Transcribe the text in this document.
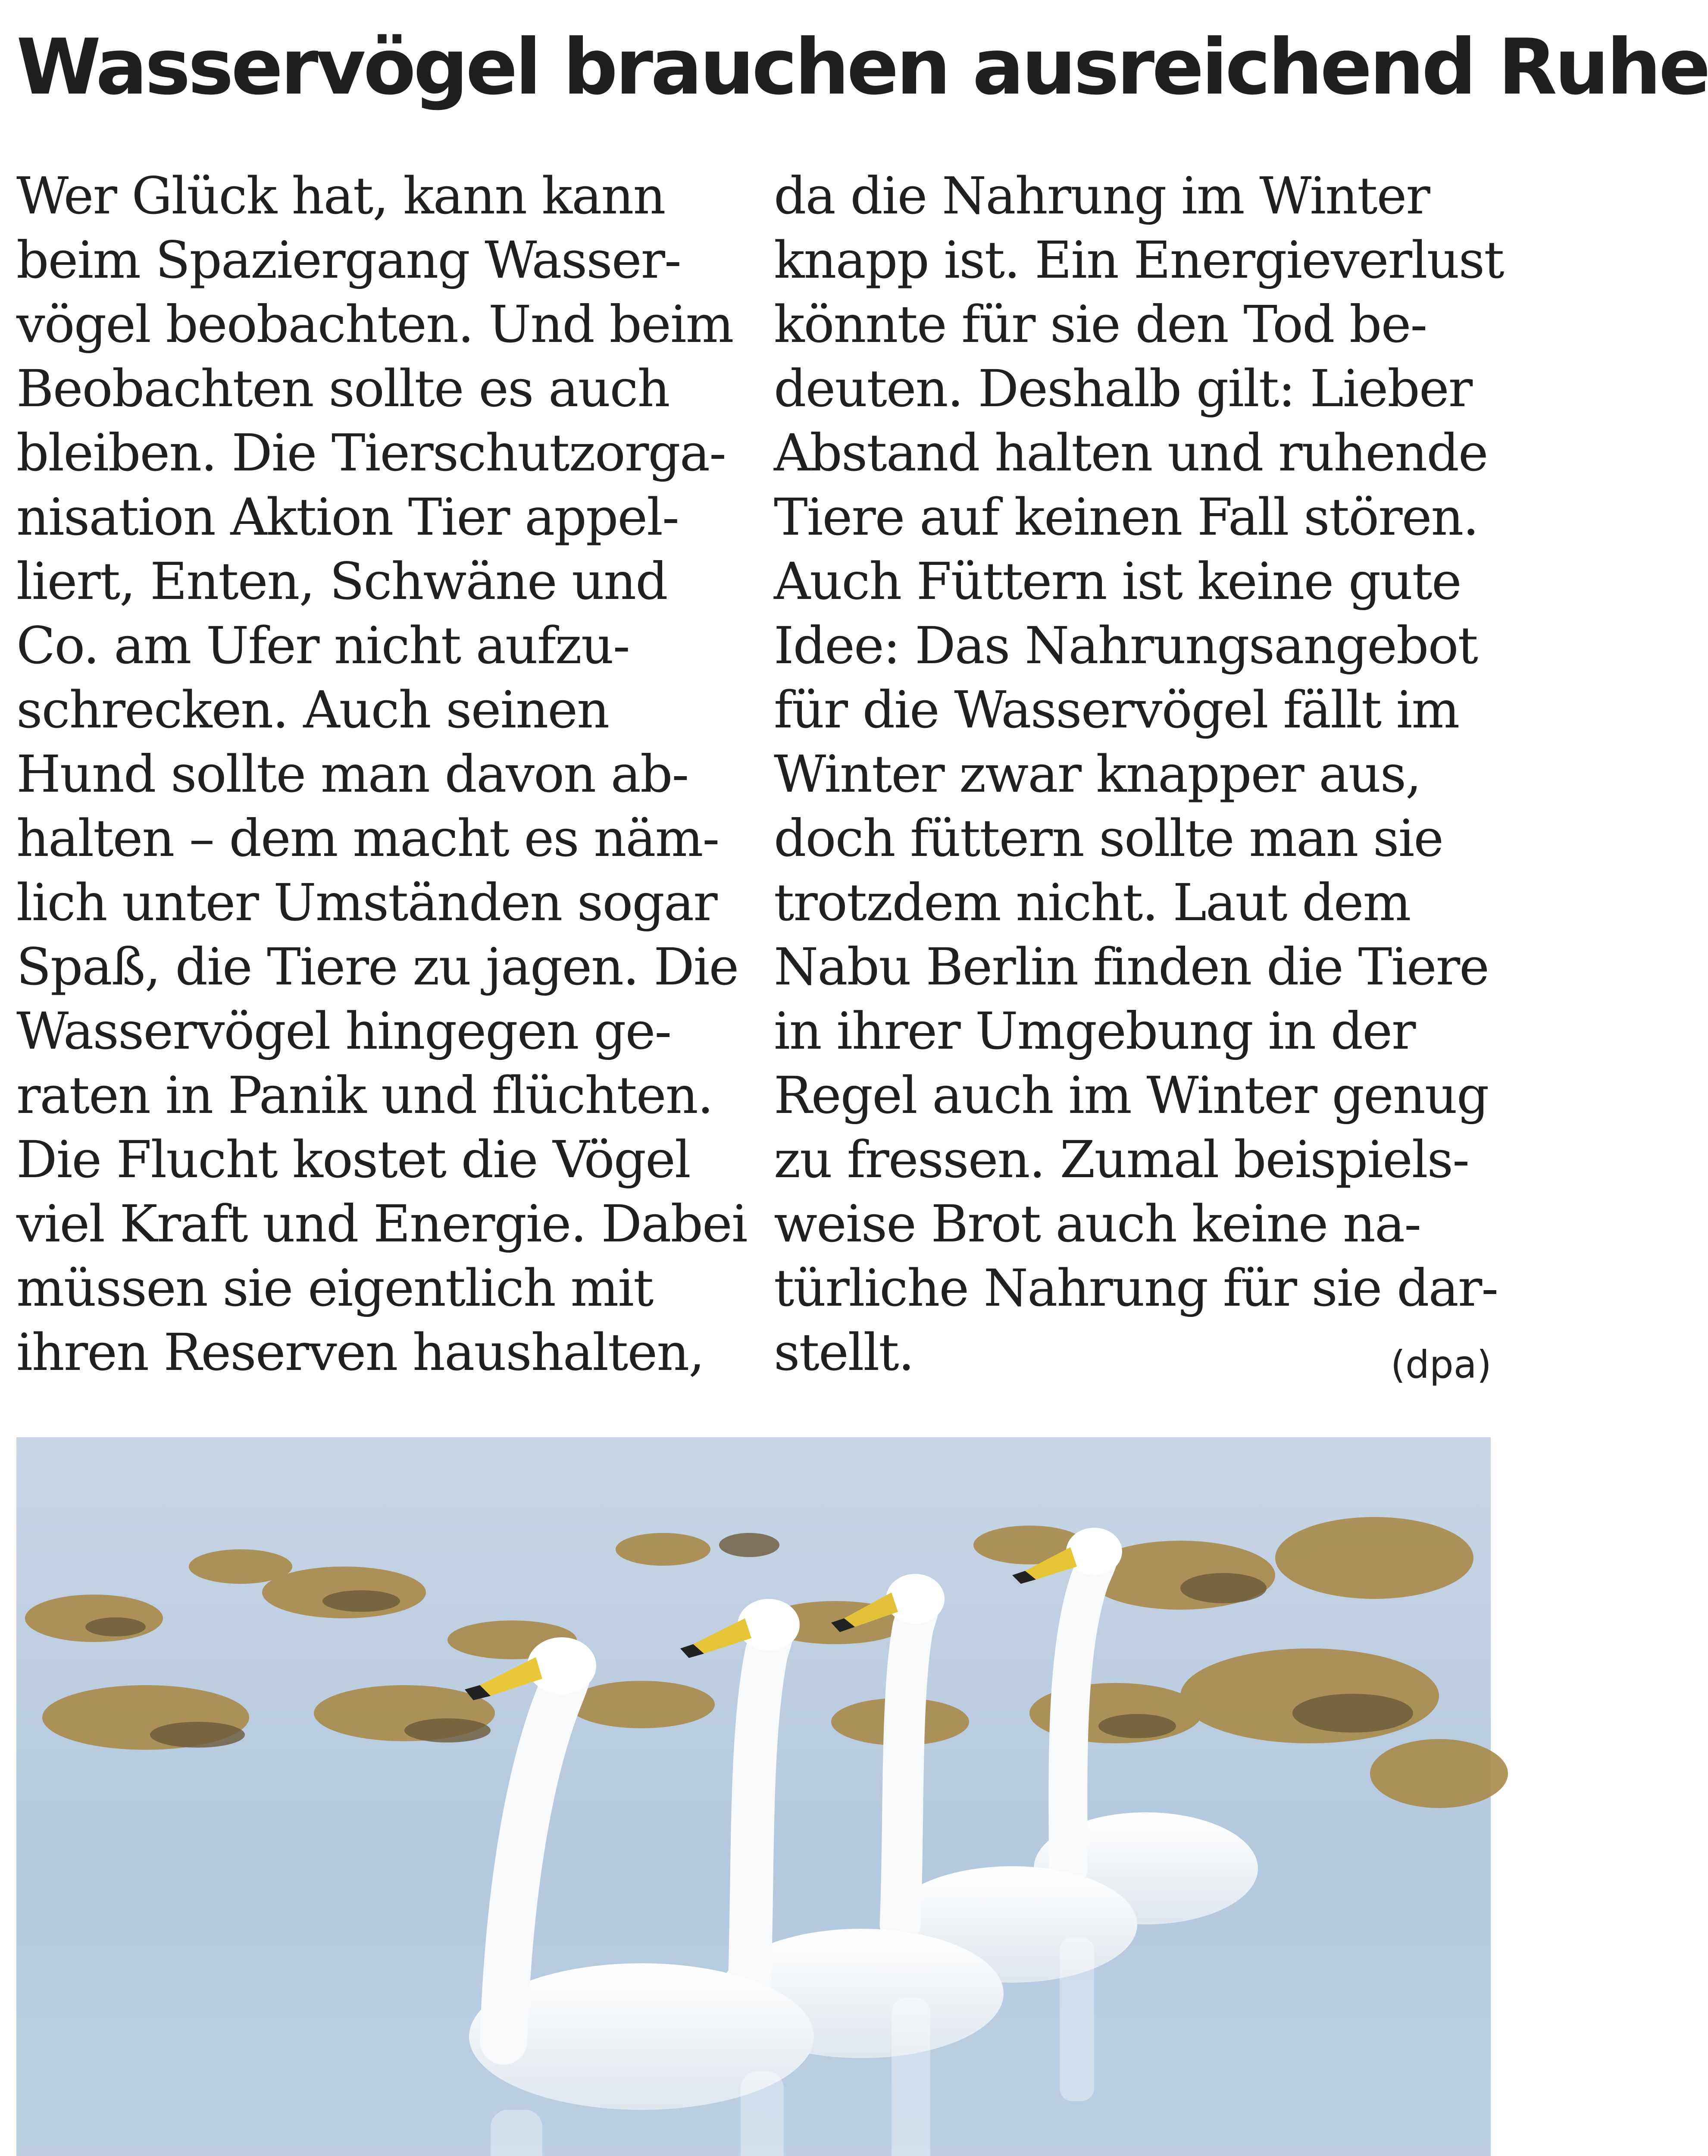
Wasservögel brauchen ausreichend Ruhe
Wer Glück hat, kann kann
beim Spaziergang Wasser-
vögel beobachten. Und beim
Beobachten sollte es auch
bleiben. Die Tierschutzorga-
nisation Aktion Tier appel-
liert, Enten, Schwäne und
Co. am Ufer nicht aufzu-
schrecken. Auch seinen
Hund sollte man davon ab-
halten – dem macht es näm-
lich unter Umständen sogar
Spaß, die Tiere zu jagen. Die
Wasservögel hingegen ge-
raten in Panik und flüchten.
Die Flucht kostet die Vögel
viel Kraft und Energie. Dabei
müssen sie eigentlich mit
ihren Reserven haushalten,
da die Nahrung im Winter
knapp ist. Ein Energieverlust
könnte für sie den Tod be-
deuten. Deshalb gilt: Lieber
Abstand halten und ruhende
Tiere auf keinen Fall stören.
Auch Füttern ist keine gute
Idee: Das Nahrungsangebot
für die Wasservögel fällt im
Winter zwar knapper aus,
doch füttern sollte man sie
trotzdem nicht. Laut dem
Nabu Berlin finden die Tiere
in ihrer Umgebung in der
Regel auch im Winter genug
zu fressen. Zumal beispiels-
weise Brot auch keine na-
türliche Nahrung für sie dar-
stellt.	(dpa)
